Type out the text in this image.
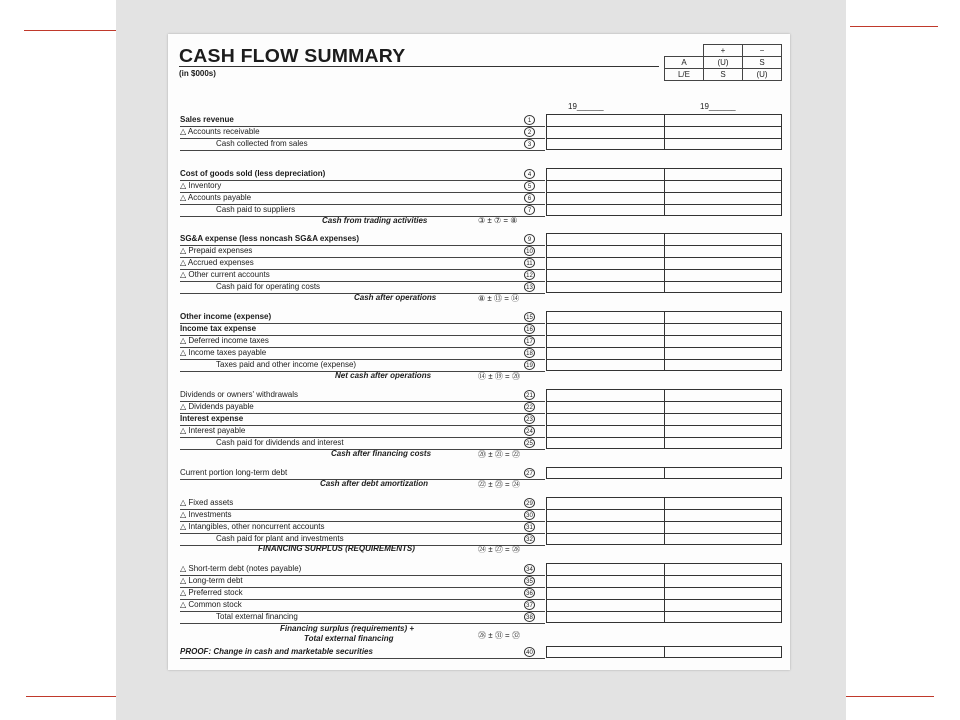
CASH FLOW SUMMARY
(in $000s)
	+	−
A	(U)	S
L/E	S	(U)
19______	19______
Sales revenue	1
△ Accounts receivable	2
Cash collected from sales	3
Cost of goods sold (less depreciation)	4
△ Inventory	5
△ Accounts payable	6
Cash paid to suppliers	7
Cash from trading activities	③ ± ⑦ = ⑧
SG&A expense (less noncash SG&A expenses)	9
△ Prepaid expenses	10
△ Accrued expenses	11
△ Other current accounts	12
Cash paid for operating costs	13
Cash after operations	⑧ ± ⑬ = ⑭
Other income (expense)	15
Income tax expense	16
△ Deferred income taxes	17
△ Income taxes payable	18
Taxes paid and other income (expense)	19
Net cash after operations	⑭ ± ⑲ = ⑳
Dividends or owners' withdrawals	21
△ Dividends payable	22
Interest expense	23
△ Interest payable	24
Cash paid for dividends and interest	25
Cash after financing costs	⑳ ± ㉑ = ㉒
Current portion long-term debt	27
Cash after debt amortization	㉒ ± ㉓ = ㉔
△ Fixed assets	29
△ Investments	30
△ Intangibles, other noncurrent accounts	31
Cash paid for plant and investments	32
FINANCING SURPLUS (REQUIREMENTS)	㉔ ± ㉗ = ㉘
△ Short-term debt (notes payable)	34
△ Long-term debt	35
△ Preferred stock	36
△ Common stock	37
Total external financing	38
Financing surplus (requirements) +
Total external financing	㉘ ± ㉛ = ㉜
PROOF: Change in cash and marketable securities	40
